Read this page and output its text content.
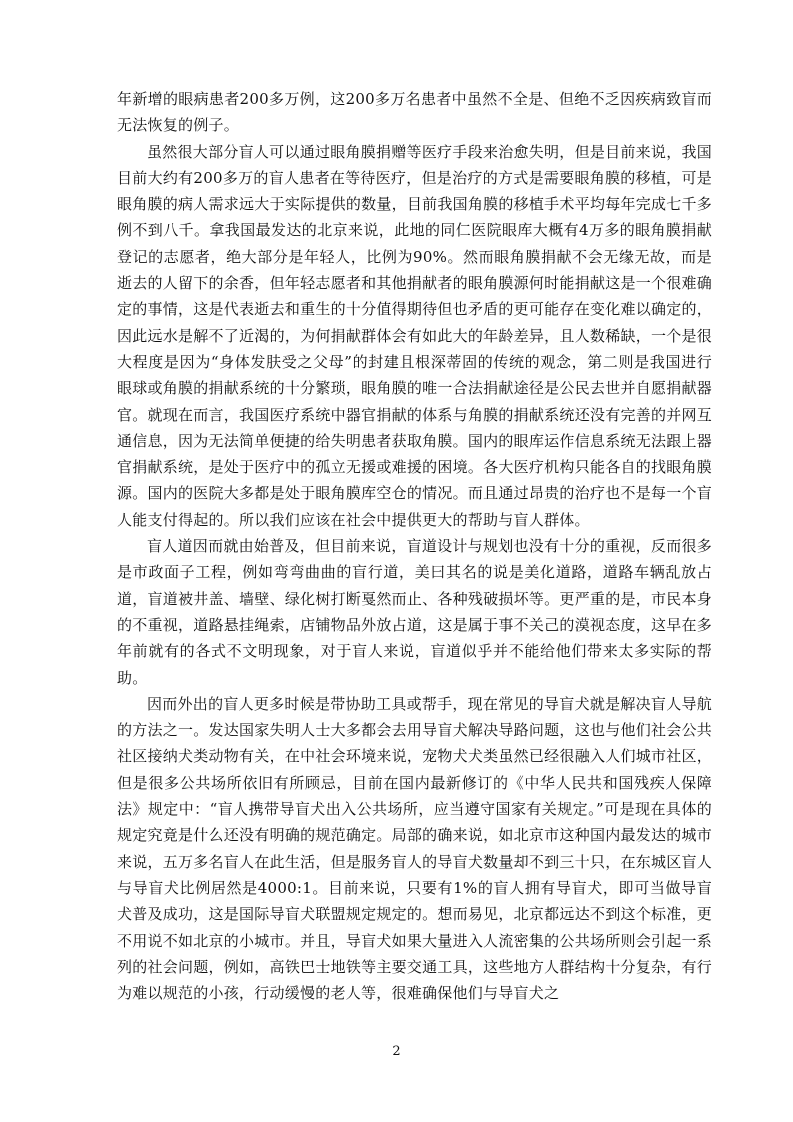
年新增的眼病患者200多万例，这200多万名患者中虽然不全是、但绝不乏因疾病致盲而无法恢复的例子。

虽然很大部分盲人可以通过眼角膜捐赠等医疗手段来治愈失明，但是目前来说，我国目前大约有200多万的盲人患者在等待医疗，但是治疗的方式是需要眼角膜的移植，可是眼角膜的病人需求远大于实际提供的数量，目前我国角膜的移植手术平均每年完成七千多例不到八千。拿我国最发达的北京来说，此地的同仁医院眼库大概有4万多的眼角膜捐献登记的志愿者，绝大部分是年轻人，比例为90%。然而眼角膜捐献不会无缘无故，而是逝去的人留下的余香，但年轻志愿者和其他捐献者的眼角膜源何时能捐献这是一个很难确定的事情，这是代表逝去和重生的十分值得期待但也矛盾的更可能存在变化难以确定的，因此远水是解不了近渴的，为何捐献群体会有如此大的年龄差异，且人数稀缺，一个是很大程度是因为“身体发肤受之父母”的封建且根深蒂固的传统的观念，第二则是我国进行眼球或角膜的捐献系统的十分繁琐，眼角膜的唯一合法捐献途径是公民去世并自愿捐献器官。就现在而言，我国医疗系统中器官捐献的体系与角膜的捐献系统还没有完善的并网互通信息，因为无法简单便捷的给失明患者获取角膜。国内的眼库运作信息系统无法跟上器官捐献系统，是处于医疗中的孤立无援或难援的困境。各大医疗机构只能各自的找眼角膜源。国内的医院大多都是处于眼角膜库空仓的情况。而且通过昂贵的治疗也不是每一个盲人能支付得起的。所以我们应该在社会中提供更大的帮助与盲人群体。

盲人道因而就由始普及，但目前来说，盲道设计与规划也没有十分的重视，反而很多是市政面子工程，例如弯弯曲曲的盲行道，美曰其名的说是美化道路，道路车辆乱放占道，盲道被井盖、墙壁、绿化树打断戛然而止、各种残破损坏等。更严重的是，市民本身的不重视，道路悬挂绳索，店铺物品外放占道，这是属于事不关己的漠视态度，这早在多年前就有的各式不文明现象，对于盲人来说，盲道似乎并不能给他们带来太多实际的帮助。

因而外出的盲人更多时候是带协助工具或帮手，现在常见的导盲犬就是解决盲人导航的方法之一。发达国家失明人士大多都会去用导盲犬解决导路问题，这也与他们社会公共社区接纳犬类动物有关，在中社会环境来说，宠物犬犬类虽然已经很融入人们城市社区，但是很多公共场所依旧有所顾忌，目前在国内最新修订的《中华人民共和国残疾人保障法》规定中：“盲人携带导盲犬出入公共场所，应当遵守国家有关规定。”可是现在具体的规定究竟是什么还没有明确的规范确定。局部的确来说，如北京市这种国内最发达的城市来说，五万多名盲人在此生活，但是服务盲人的导盲犬数量却不到三十只，在东城区盲人与导盲犬比例居然是4000:1。目前来说，只要有1%的盲人拥有导盲犬，即可当做导盲犬普及成功，这是国际导盲犬联盟规定规定的。想而易见，北京都远达不到这个标准，更不用说不如北京的小城市。并且，导盲犬如果大量进入人流密集的公共场所则会引起一系列的社会问题，例如，高铁巴士地铁等主要交通工具，这些地方人群结构十分复杂，有行为难以规范的小孩，行动缓慢的老人等，很难确保他们与导盲犬之

2
